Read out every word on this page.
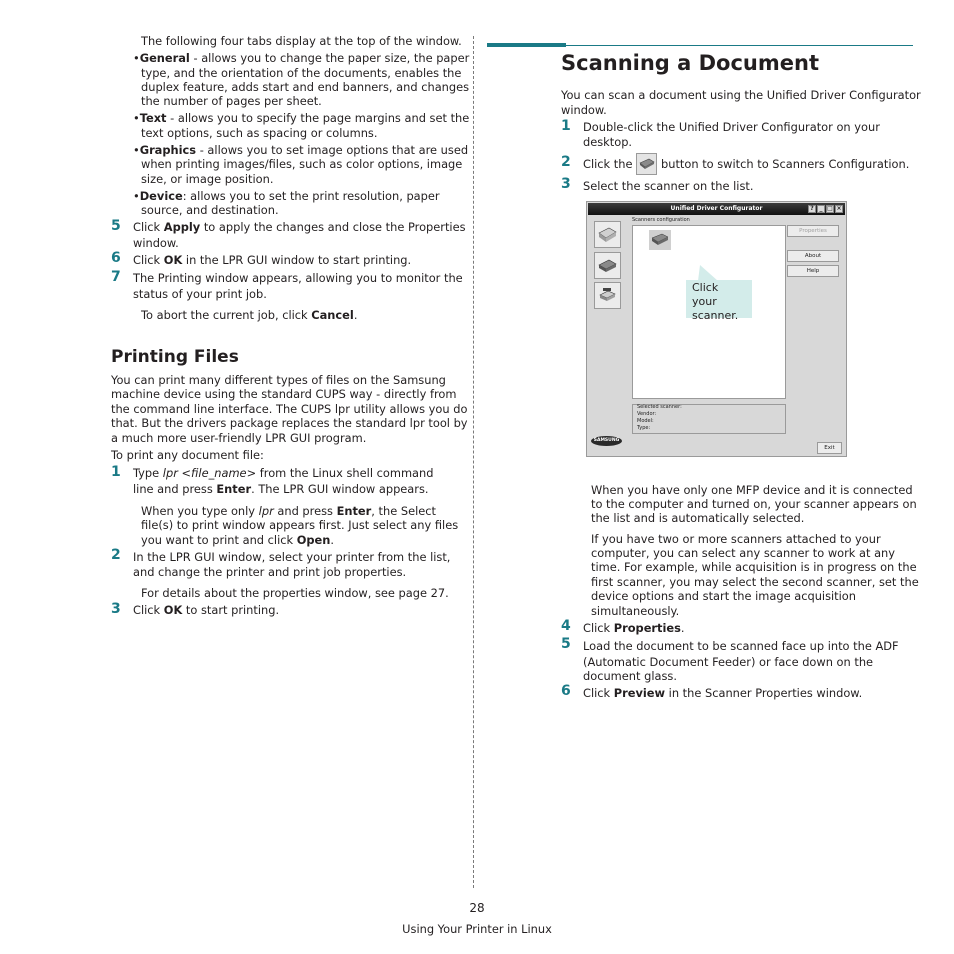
The following four tabs display at the top of the window.
•General - allows you to change the paper size, the paper
type, and the orientation of the documents, enables the
duplex feature, adds start and end banners, and changes
the number of pages per sheet.
•Text - allows you to specify the page margins and set the
text options, such as spacing or columns.
•Graphics - allows you to set image options that are used
when printing images/files, such as color options, image
size, or image position.
•Device: allows you to set the print resolution, paper
source, and destination.
5 Click Apply to apply the changes and close the Properties
window.
6 Click OK in the LPR GUI window to start printing.
7 The Printing window appears, allowing you to monitor the
status of your print job.
To abort the current job, click Cancel.
Printing Files
You can print many different types of files on the Samsung
machine device using the standard CUPS way - directly from
the command line interface. The CUPS lpr utility allows you do
that. But the drivers package replaces the standard lpr tool by
a much more user-friendly LPR GUI program.
To print any document file:
1 Type lpr <file_name> from the Linux shell command
line and press Enter. The LPR GUI window appears.
When you type only lpr and press Enter, the Select
file(s) to print window appears first. Just select any files
you want to print and click Open.
2 In the LPR GUI window, select your printer from the list,
and change the printer and print job properties.
For details about the properties window, see page 27.
3 Click OK to start printing.
Scanning a Document
You can scan a document using the Unified Driver Configurator
window.
1 Double-click the Unified Driver Configurator on your
desktop.
2 Click the	button to switch to Scanners Configuration.
3 Select the scanner on the list.
Unified Driver Configurator	? _ □ ×
Scanners configuration
Properties
About
Help
Selected scanner:
Vendor:
Model:
Type:
SAMSUNG
Exit
Click your scanner.
When you have only one MFP device and it is connected
to the computer and turned on, your scanner appears on
the list and is automatically selected.
If you have two or more scanners attached to your
computer, you can select any scanner to work at any
time. For example, while acquisition is in progress on the
first scanner, you may select the second scanner, set the
device options and start the image acquisition
simultaneously.
4 Click Properties.
5 Load the document to be scanned face up into the ADF
(Automatic Document Feeder) or face down on the
document glass.
6 Click Preview in the Scanner Properties window.
28
Using Your Printer in Linux
